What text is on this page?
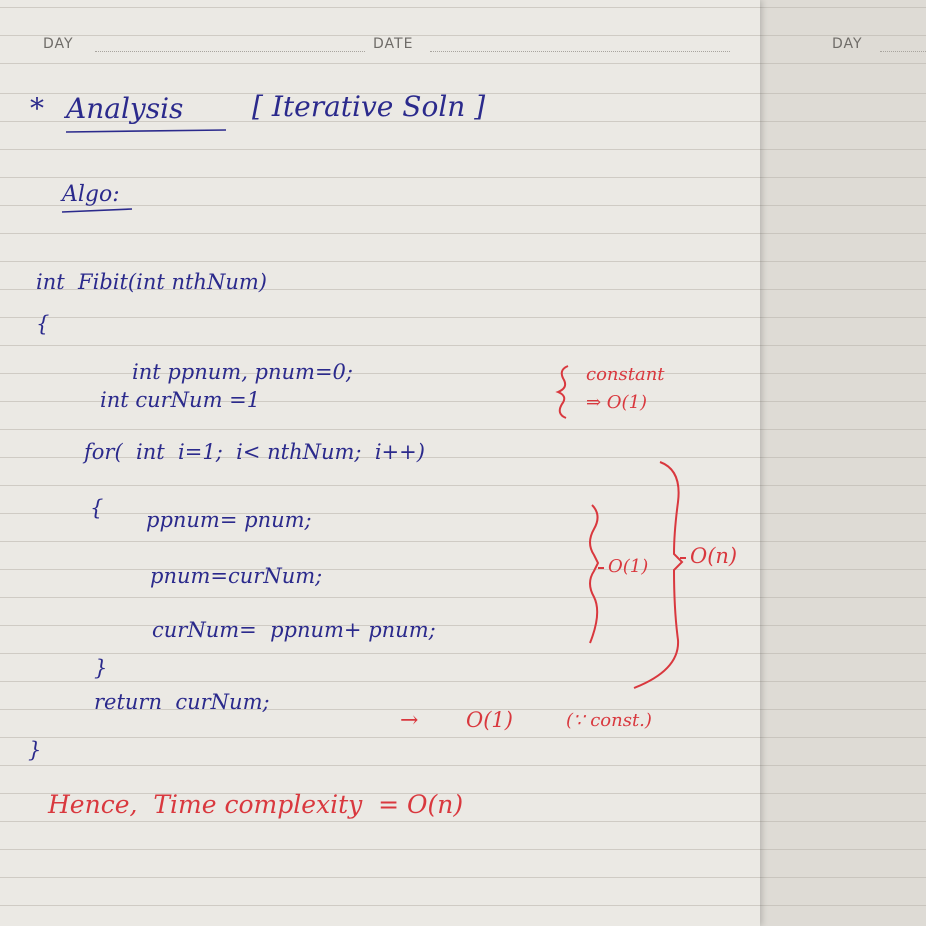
DAY	DATE	DAY
* Analysis [ Iterative Soln ]
Algo:
int  Fibit(int nthNum)
{
int ppnum, pnum=0;
int curNum =1
for(  int  i=1;  i< nthNum;  i++)
{ ppnum= pnum;
pnum=curNum;
curNum=  ppnum+ pnum;
}
return  curNum;
}
constant
⇒ O(1)
O(1) O(n)
→ O(1)	(∵ const.)
Hence,  Time complexity  = O(n)
